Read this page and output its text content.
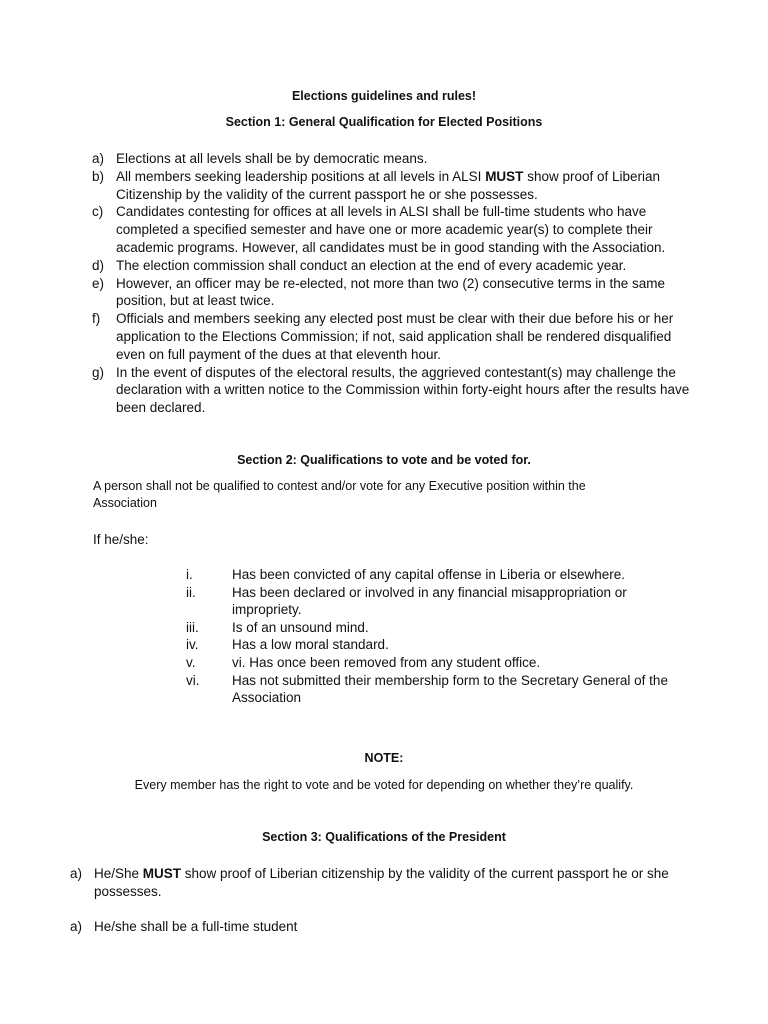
Elections guidelines and rules!
Section 1: General Qualification for Elected Positions
a) Elections at all levels shall be by democratic means.
b) All members seeking leadership positions at all levels in ALSI MUST show proof of Liberian Citizenship by the validity of the current passport he or she possesses.
c) Candidates contesting for offices at all levels in ALSI shall be full-time students who have completed a specified semester and have one or more academic year(s) to complete their academic programs. However, all candidates must be in good standing with the Association.
d) The election commission shall conduct an election at the end of every academic year.
e) However, an officer may be re-elected, not more than two (2) consecutive terms in the same position, but at least twice.
f) Officials and members seeking any elected post must be clear with their due before his or her application to the Elections Commission; if not, said application shall be rendered disqualified even on full payment of the dues at that eleventh hour.
g) In the event of disputes of the electoral results, the aggrieved contestant(s) may challenge the declaration with a written notice to the Commission within forty-eight hours after the results have been declared.
Section 2: Qualifications to vote and be voted for.
A person shall not be qualified to contest and/or vote for any Executive position within the Association
If he/she:
i.	Has been convicted of any capital offense in Liberia or elsewhere.
ii.	Has been declared or involved in any financial misappropriation or impropriety.
iii. Is of an unsound mind.
iv. Has a low moral standard.
v.	vi. Has once been removed from any student office.
vi. Has not submitted their membership form to the Secretary General of the Association
NOTE:
Every member has the right to vote and be voted for depending on whether they’re qualify.
Section 3: Qualifications of the President
a) He/She MUST show proof of Liberian citizenship by the validity of the current passport he or she possesses.
a) He/she shall be a full-time student
